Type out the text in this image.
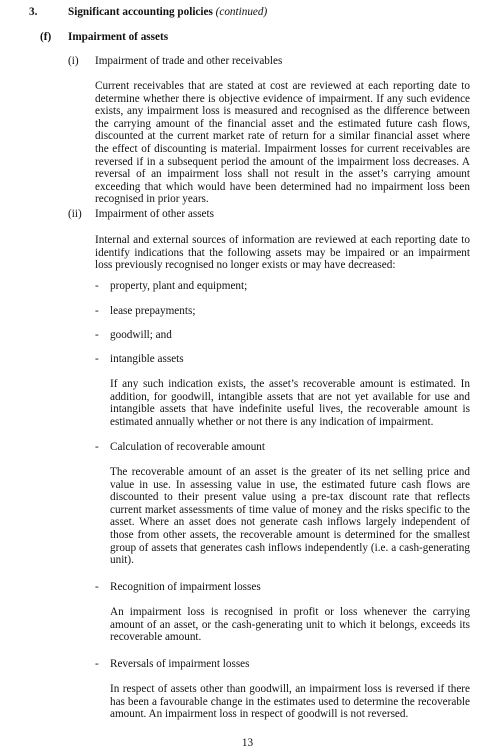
3.	Significant accounting policies (continued)
(f) Impairment of assets
(i) Impairment of trade and other receivables

Current receivables that are stated at cost are reviewed at each reporting date to determine whether there is objective evidence of impairment. If any such evidence exists, any impairment loss is measured and recognised as the difference between the carrying amount of the financial asset and the estimated future cash flows, discounted at the current market rate of return for a similar financial asset where the effect of discounting is material. Impairment losses for current receivables are reversed if in a subsequent period the amount of the impairment loss decreases. A reversal of an impairment loss shall not result in the asset’s carrying amount exceeding that which would have been determined had no impairment loss been recognised in prior years.

(ii) Impairment of other assets

Internal and external sources of information are reviewed at each reporting date to identify indications that the following assets may be impaired or an impairment loss previously recognised no longer exists or may have decreased:

- property, plant and equipment;
- lease prepayments;
- goodwill; and
- intangible assets

If any such indication exists, the asset’s recoverable amount is estimated. In addition, for goodwill, intangible assets that are not yet available for use and intangible assets that have indefinite useful lives, the recoverable amount is estimated annually whether or not there is any indication of impairment.

- Calculation of recoverable amount

The recoverable amount of an asset is the greater of its net selling price and value in use. In assessing value in use, the estimated future cash flows are discounted to their present value using a pre-tax discount rate that reflects current market assessments of time value of money and the risks specific to the asset. Where an asset does not generate cash inflows largely independent of those from other assets, the recoverable amount is determined for the smallest group of assets that generates cash inflows independently (i.e. a cash-generating unit).

- Recognition of impairment losses

An impairment loss is recognised in profit or loss whenever the carrying amount of an asset, or the cash-generating unit to which it belongs, exceeds its recoverable amount.

- Reversals of impairment losses

In respect of assets other than goodwill, an impairment loss is reversed if there has been a favourable change in the estimates used to determine the recoverable amount. An impairment loss in respect of goodwill is not reversed.

13
